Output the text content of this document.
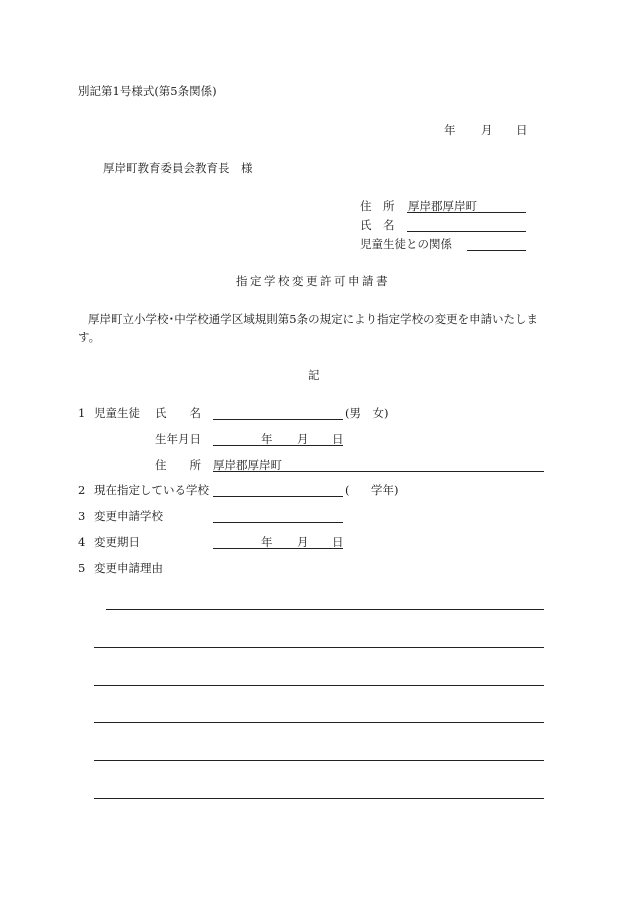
別記第1号様式(第5条関係)
年 月 日
厚岸町教育委員会教育長　様
住　所 厚岸郡厚岸町
氏　名
児童生徒との関係
指定学校変更許可申請書
厚岸町立小学校･中学校通学区域規則第5条の規定により指定学校の変更を申請いたしま
す。
記
1 児童生徒 氏　　名	(男　女)
生年月日	年 月 日
住　　所 厚岸郡厚岸町
2 現在指定している学校	( 学年)
3 変更申請学校
4 変更期日	年 月 日
5 変更申請理由
